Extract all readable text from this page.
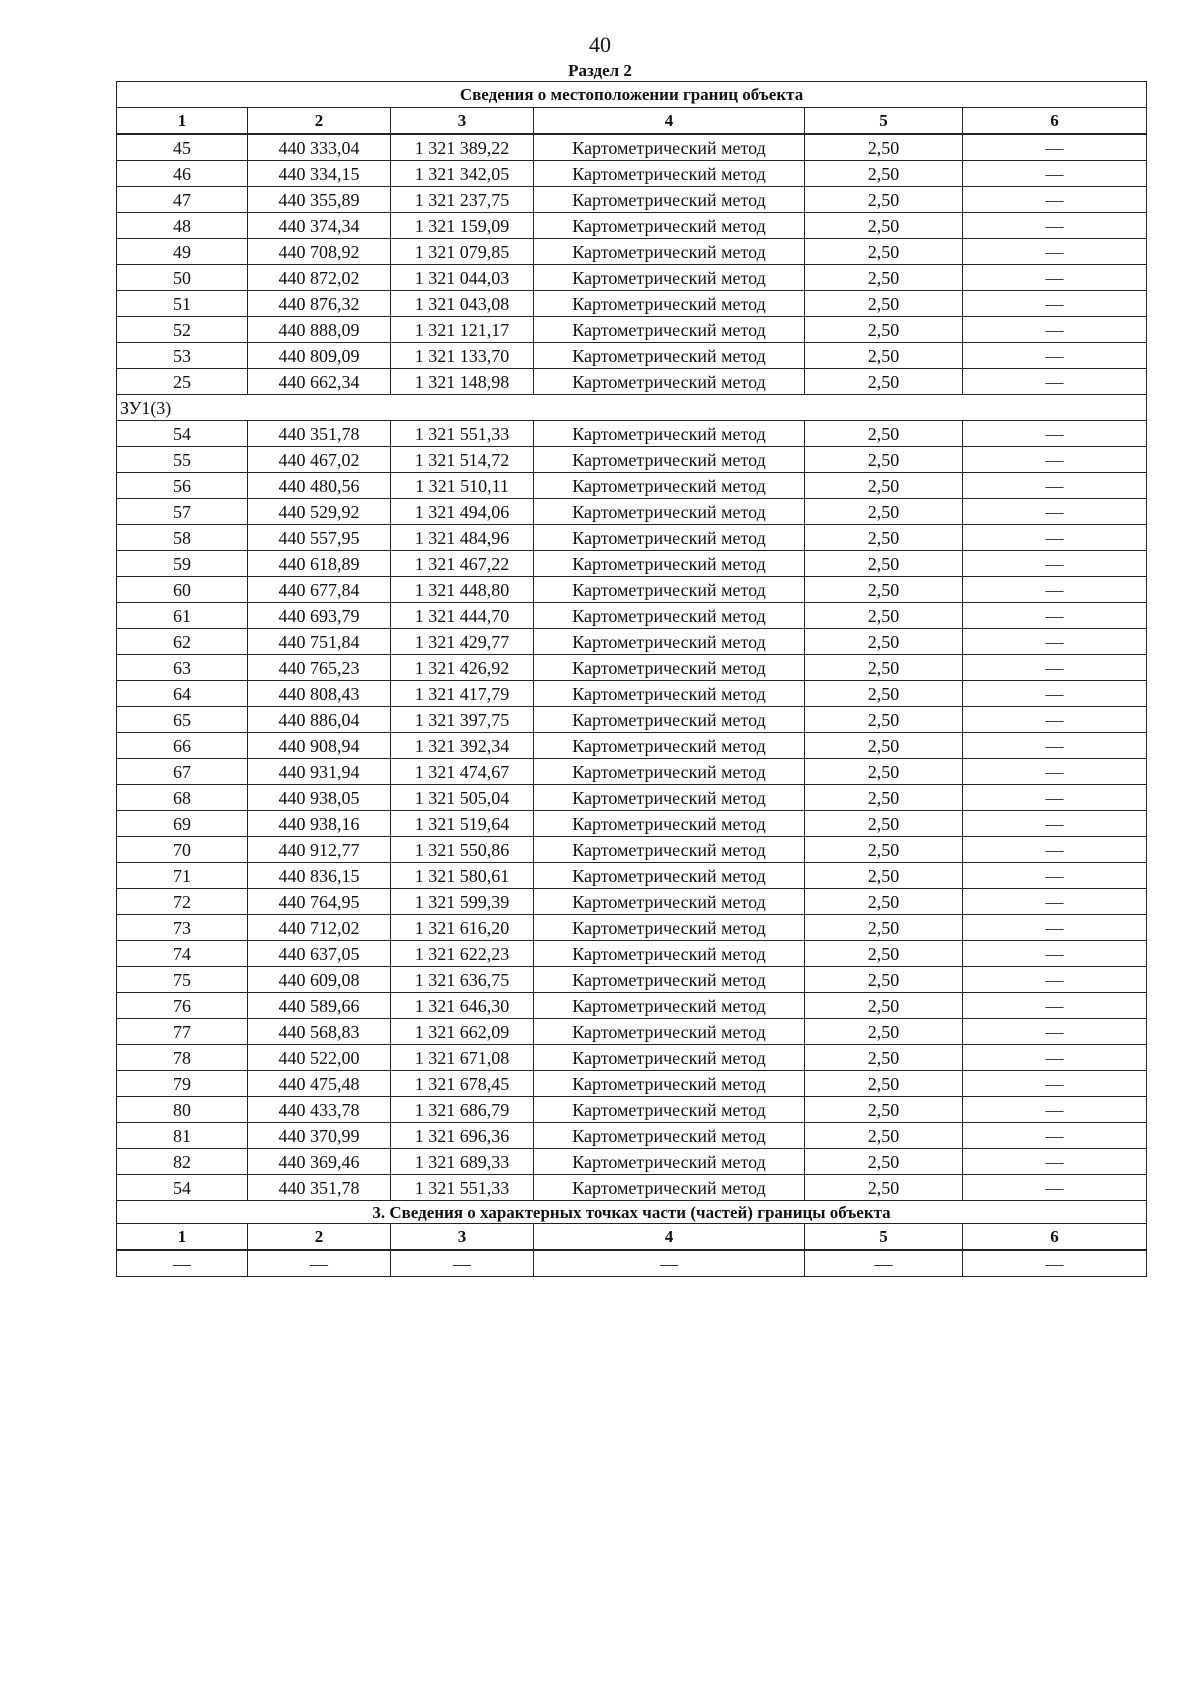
40
Раздел 2
Сведения о местоположении границ объекта					
1	2	3	4	5	6
45	440 333,04	1 321 389,22	Картометрический метод	2,50	—
46	440 334,15	1 321 342,05	Картометрический метод	2,50	—
47	440 355,89	1 321 237,75	Картометрический метод	2,50	—
48	440 374,34	1 321 159,09	Картометрический метод	2,50	—
49	440 708,92	1 321 079,85	Картометрический метод	2,50	—
50	440 872,02	1 321 044,03	Картометрический метод	2,50	—
51	440 876,32	1 321 043,08	Картометрический метод	2,50	—
52	440 888,09	1 321 121,17	Картометрический метод	2,50	—
53	440 809,09	1 321 133,70	Картометрический метод	2,50	—
25	440 662,34	1 321 148,98	Картометрический метод	2,50	—
ЗУ1(3)					
54	440 351,78	1 321 551,33	Картометрический метод	2,50	—
55	440 467,02	1 321 514,72	Картометрический метод	2,50	—
56	440 480,56	1 321 510,11	Картометрический метод	2,50	—
57	440 529,92	1 321 494,06	Картометрический метод	2,50	—
58	440 557,95	1 321 484,96	Картометрический метод	2,50	—
59	440 618,89	1 321 467,22	Картометрический метод	2,50	—
60	440 677,84	1 321 448,80	Картометрический метод	2,50	—
61	440 693,79	1 321 444,70	Картометрический метод	2,50	—
62	440 751,84	1 321 429,77	Картометрический метод	2,50	—
63	440 765,23	1 321 426,92	Картометрический метод	2,50	—
64	440 808,43	1 321 417,79	Картометрический метод	2,50	—
65	440 886,04	1 321 397,75	Картометрический метод	2,50	—
66	440 908,94	1 321 392,34	Картометрический метод	2,50	—
67	440 931,94	1 321 474,67	Картометрический метод	2,50	—
68	440 938,05	1 321 505,04	Картометрический метод	2,50	—
69	440 938,16	1 321 519,64	Картометрический метод	2,50	—
70	440 912,77	1 321 550,86	Картометрический метод	2,50	—
71	440 836,15	1 321 580,61	Картометрический метод	2,50	—
72	440 764,95	1 321 599,39	Картометрический метод	2,50	—
73	440 712,02	1 321 616,20	Картометрический метод	2,50	—
74	440 637,05	1 321 622,23	Картометрический метод	2,50	—
75	440 609,08	1 321 636,75	Картометрический метод	2,50	—
76	440 589,66	1 321 646,30	Картометрический метод	2,50	—
77	440 568,83	1 321 662,09	Картометрический метод	2,50	—
78	440 522,00	1 321 671,08	Картометрический метод	2,50	—
79	440 475,48	1 321 678,45	Картометрический метод	2,50	—
80	440 433,78	1 321 686,79	Картометрический метод	2,50	—
81	440 370,99	1 321 696,36	Картометрический метод	2,50	—
82	440 369,46	1 321 689,33	Картометрический метод	2,50	—
54	440 351,78	1 321 551,33	Картометрический метод	2,50	—
3. Сведения о характерных точках части (частей) границы объекта					
1	2	3	4	5	6
—	—	—	—	—	—
